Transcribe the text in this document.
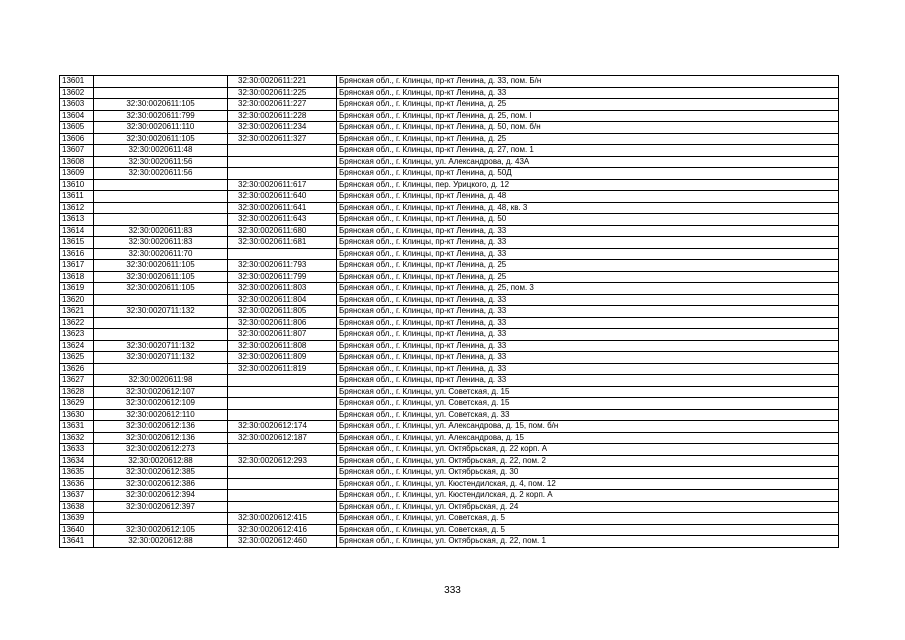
13601		32:30:0020611:221	Брянская обл., г. Клинцы, пр-кт Ленина, д. 33, пом. Б/н
13602		32:30:0020611:225	Брянская обл., г. Клинцы, пр-кт Ленина, д. 33
13603	32:30:0020611:105	32:30:0020611:227	Брянская обл., г. Клинцы, пр-кт Ленина, д. 25
13604	32:30:0020611:799	32:30:0020611:228	Брянская обл., г. Клинцы, пр-кт Ленина, д. 25, пом. I
13605	32:30:0020611:110	32:30:0020611:234	Брянская обл., г. Клинцы, пр-кт Ленина, д. 50, пом. б/н
13606	32:30:0020611:105	32:30:0020611:327	Брянская обл., г. Клинцы, пр-кт Ленина, д. 25
13607	32:30:0020611:48		Брянская обл., г. Клинцы, пр-кт Ленина, д. 27, пом. 1
13608	32:30:0020611:56		Брянская обл., г. Клинцы, ул. Александрова, д. 43А
13609	32:30:0020611:56		Брянская обл., г. Клинцы, пр-кт Ленина, д. 50Д
13610		32:30:0020611:617	Брянская обл., г. Клинцы, пер. Урицкого, д. 12
13611		32:30:0020611:640	Брянская обл., г. Клинцы, пр-кт Ленина, д. 48
13612		32:30:0020611:641	Брянская обл., г. Клинцы, пр-кт Ленина, д. 48, кв. 3
13613		32:30:0020611:643	Брянская обл., г. Клинцы, пр-кт Ленина, д. 50
13614	32:30:0020611:83	32:30:0020611:680	Брянская обл., г. Клинцы, пр-кт Ленина, д. 33
13615	32:30:0020611:83	32:30:0020611:681	Брянская обл., г. Клинцы, пр-кт Ленина, д. 33
13616	32:30:0020611:70		Брянская обл., г. Клинцы, пр-кт Ленина, д. 33
13617	32:30:0020611:105	32:30:0020611:793	Брянская обл., г. Клинцы, пр-кт Ленина, д. 25
13618	32:30:0020611:105	32:30:0020611:799	Брянская обл., г. Клинцы, пр-кт Ленина, д. 25
13619	32:30:0020611:105	32:30:0020611:803	Брянская обл., г. Клинцы, пр-кт Ленина, д. 25, пом. 3
13620		32:30:0020611:804	Брянская обл., г. Клинцы, пр-кт Ленина, д. 33
13621	32:30:0020711:132	32:30:0020611:805	Брянская обл., г. Клинцы, пр-кт Ленина, д. 33
13622		32:30:0020611:806	Брянская обл., г. Клинцы, пр-кт Ленина, д. 33
13623		32:30:0020611:807	Брянская обл., г. Клинцы, пр-кт Ленина, д. 33
13624	32:30:0020711:132	32:30:0020611:808	Брянская обл., г. Клинцы, пр-кт Ленина, д. 33
13625	32:30:0020711:132	32:30:0020611:809	Брянская обл., г. Клинцы, пр-кт Ленина, д. 33
13626		32:30:0020611:819	Брянская обл., г. Клинцы, пр-кт Ленина, д. 33
13627	32:30:0020611:98		Брянская обл., г. Клинцы, пр-кт Ленина, д. 33
13628	32:30:0020612:107		Брянская обл., г. Клинцы, ул. Советская, д. 15
13629	32:30:0020612:109		Брянская обл., г. Клинцы, ул. Советская, д. 15
13630	32:30:0020612:110		Брянская обл., г. Клинцы, ул. Советская, д. 33
13631	32:30:0020612:136	32:30:0020612:174	Брянская обл., г. Клинцы, ул. Александрова, д. 15, пом. б/н
13632	32:30:0020612:136	32:30:0020612:187	Брянская обл., г. Клинцы, ул. Александрова, д. 15
13633	32:30:0020612:273		Брянская обл., г. Клинцы, ул. Октябрьская, д. 22 корп. А
13634	32:30:0020612:88	32:30:0020612:293	Брянская обл., г. Клинцы, ул. Октябрьская, д. 22, пом. 2
13635	32:30:0020612:385		Брянская обл., г. Клинцы, ул. Октябрьская, д. 30
13636	32:30:0020612:386		Брянская обл., г. Клинцы, ул. Кюстендилская, д. 4, пом. 12
13637	32:30:0020612:394		Брянская обл., г. Клинцы, ул. Кюстендилская, д. 2 корп. А
13638	32:30:0020612:397		Брянская обл., г. Клинцы, ул. Октябрьская, д. 24
13639		32:30:0020612:415	Брянская обл., г. Клинцы, ул. Советская, д. 5
13640	32:30:0020612:105	32:30:0020612:416	Брянская обл., г. Клинцы, ул. Советская, д. 5
13641	32:30:0020612:88	32:30:0020612:460	Брянская обл., г. Клинцы, ул. Октябрьская, д. 22, пом. 1
333
